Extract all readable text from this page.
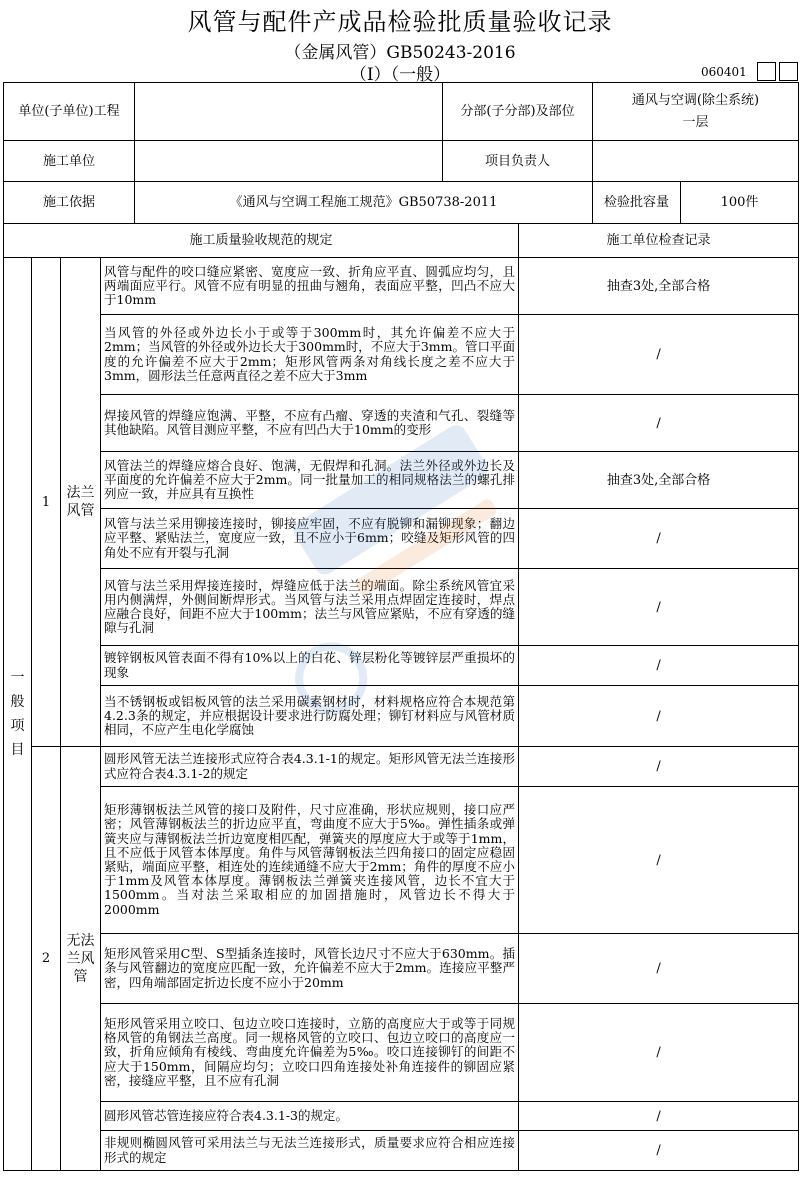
风管与配件产成品检验批质量验收记录
（金属风管）GB50243-2016
（Ⅰ）（一般）	060401
单位(子单位)工程		分部(子分部)及部位	通风与空调(除尘系统)
一层	

施工单位		项目负责人		
施工依据	《通风与空调工程施工规范》GB50738-2011		检验批容量	100件
施工质量验收规范的规定				施工单位检查记录
一
般
项
目	1	法兰风管	风管与配件的咬口缝应紧密、宽度应一致、折角应平直、圆弧应均匀，且两端面应平行。风管不应有明显的扭曲与翘角，表面应平整，凹凸不应大于10mm	抽查3处,全部合格
			当风管的外径或外边长小于或等于300mm时，其允许偏差不应大于2mm；当风管的外径或外边长大于300mm时，不应大于3mm。管口平面度的允许偏差不应大于2mm；矩形风管两条对角线长度之差不应大于3mm，圆形法兰任意两直径之差不应大于3mm	/
			焊接风管的焊缝应饱满、平整，不应有凸瘤、穿透的夹渣和气孔、裂缝等其他缺陷。风管目测应平整，不应有凹凸大于10mm的变形	/
			风管法兰的焊缝应熔合良好、饱满，无假焊和孔洞。法兰外径或外边长及平面度的允许偏差不应大于2mm。同一批量加工的相同规格法兰的螺孔排列应一致，并应具有互换性	抽查3处,全部合格
			风管与法兰采用铆接连接时，铆接应牢固，不应有脱铆和漏铆现象；翻边应平整、紧贴法兰，宽度应一致，且不应小于6mm；咬缝及矩形风管的四角处不应有开裂与孔洞	/
			风管与法兰采用焊接连接时，焊缝应低于法兰的端面。除尘系统风管宜采用内侧满焊，外侧间断焊形式。当风管与法兰采用点焊固定连接时，焊点应融合良好，间距不应大于100mm；法兰与风管应紧贴，不应有穿透的缝隙与孔洞	/
			镀锌钢板风管表面不得有10%以上的白花、锌层粉化等镀锌层严重损坏的现象	/
			当不锈钢板或铝板风管的法兰采用碳素钢材时，材料规格应符合本规范第4.2.3条的规定，并应根据设计要求进行防腐处理；铆钉材料应与风管材质相同，不应产生电化学腐蚀	/
	2	无法兰风管	圆形风管无法兰连接形式应符合表4.3.1-1的规定。矩形风管无法兰连接形式应符合表4.3.1-2的规定	/
			矩形薄钢板法兰风管的接口及附件，尺寸应准确，形状应规则，接口应严密；风管薄钢板法兰的折边应平直，弯曲度不应大于5‰。弹性插条或弹簧夹应与薄钢板法兰折边宽度相匹配，弹簧夹的厚度应大于或等于1mm，且不应低于风管本体厚度。角件与风管薄钢板法兰四角接口的固定应稳固紧贴，端面应平整，相连处的连续通缝不应大于2mm；角件的厚度不应小于1mm及风管本体厚度。薄钢板法兰弹簧夹连接风管，边长不宜大于1500mm。当对法兰采取相应的加固措施时，风管边长不得大于2000mm	/
			矩形风管采用C型、S型插条连接时，风管长边尺寸不应大于630mm。插条与风管翻边的宽度应匹配一致，允许偏差不应大于2mm。连接应平整严密，四角端部固定折边长度不应小于20mm	/
			矩形风管采用立咬口、包边立咬口连接时，立筋的高度应大于或等于同规格风管的角钢法兰高度。同一规格风管的立咬口、包边立咬口的高度应一致，折角应倾角有棱线、弯曲度允许偏差为5‰。咬口连接铆钉的间距不应大于150mm，间隔应均匀；立咬口四角连接处补角连接件的铆固应紧密，接缝应平整，且不应有孔洞	/
			圆形风管芯管连接应符合表4.3.1-3的规定。	/
			非规则椭圆风管可采用法兰与无法兰连接形式，质量要求应符合相应连接形式的规定	/
